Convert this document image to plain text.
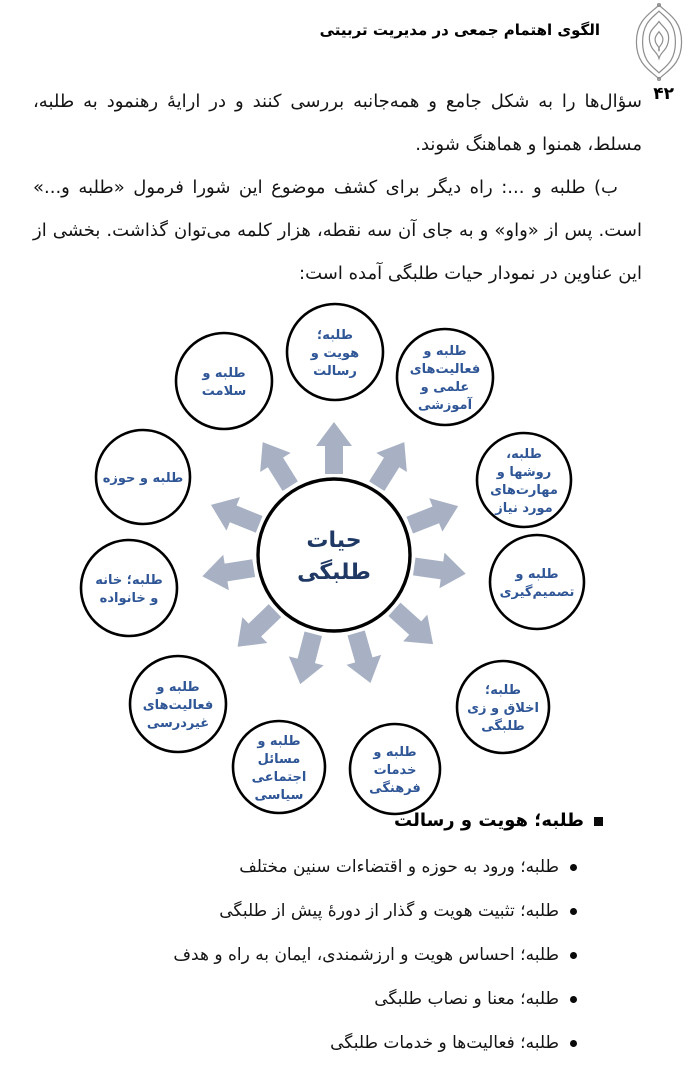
الگوی اهتمام جمعی در مدیریت تربیتی
۴۲

سؤال‌ها را به شکل جامع و همه‌جانبه بررسی کنند و در ارایهٔ رهنمود به طلبه،

مسلط، همنوا و هماهنگ شوند.

ب) طلبه و ...: راه دیگر برای کشف موضوع این شورا فرمول «طلبه و...»

است. پس از «واو» و به جای آن سه نقطه، هزار کلمه می‌توان گذاشت. بخشی از

این عناوین در نمودار حیات طلبگی آمده است:

حیات
طلبگی
طلبه؛
هویت و
رسالت
طلبه و
فعالیت‌های
علمی و
آموزشی
طلبه،
روشها و
مهارت‌های
مورد نیاز
طلبه و
تصمیم‌گیری
طلبه؛
اخلاق و زی
طلبگی
طلبه و
خدمات
فرهنگی
طلبه و
مسائل
اجتماعی
سیاسی
طلبه و
فعالیت‌های
غیردرسی
طلبه؛ خانه
و خانواده
طلبه و حوزه
طلبه و
سلامت
طلبه؛ هویت و رسالت
طلبه؛ ورود به حوزه و اقتضاءات سنین مختلف
طلبه؛ تثبیت هویت و گذار از دورهٔ پیش از طلبگی
طلبه؛ احساس هویت و ارزشمندی، ایمان به راه و هدف
طلبه؛ معنا و نصاب طلبگی
طلبه؛ فعالیت‌ها و خدمات طلبگی
